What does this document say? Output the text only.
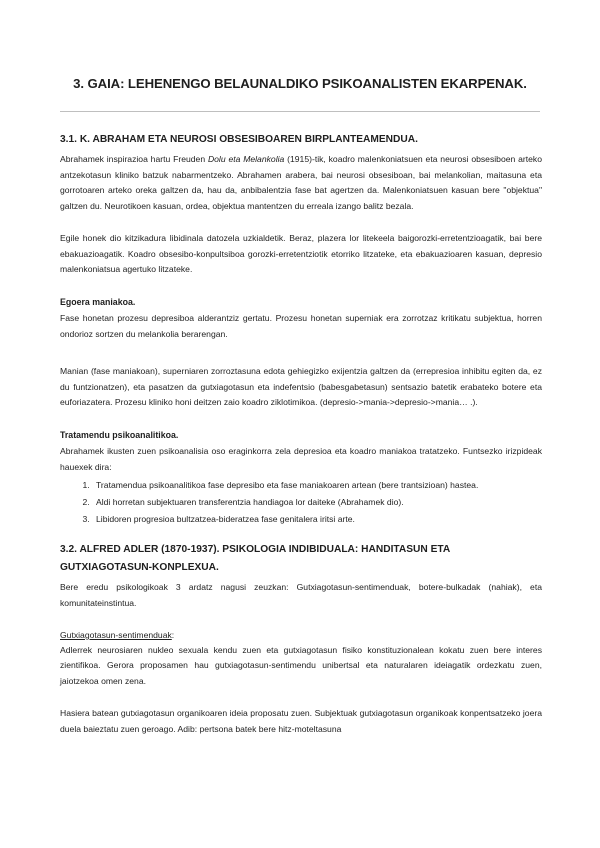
3. GAIA: LEHENENGO BELAUNALDIKO PSIKOANALISTEN EKARPENAK.
3.1. K. ABRAHAM ETA NEUROSI OBSESIBOAREN BIRPLANTEAMENDUA.

Abrahamek inspirazioa hartu Freuden Dolu eta Melankolia (1915)-tik, koadro malenkoniatsuen eta neurosi obsesiboen arteko antzekotasun kliniko batzuk nabarmentzeko. Abrahamen arabera, bai neurosi obsesiboan, bai melankolian, maitasuna eta gorrotoaren arteko oreka galtzen da, hau da, anbibalentzia fase bat agertzen da. Malenkoniatsuen kasuan bere "objektua" galtzen du. Neurotikoen kasuan, ordea, objektua mantentzen du erreala izango balitz bezala.

Egile honek dio kitzikadura libidinala datozela uzkialdetik. Beraz, plazera lor litekeela baigorozki-erretentzioagatik, bai bere ebakuazioagatik. Koadro obsesibo-konpultsiboa gorozki-erretentziotik etorriko litzateke, eta ebakuazioaren kasuan, depresio malenkoniatsua agertuko litzateke.

Egoera maniakoa.

Fase honetan prozesu depresiboa alderantziz gertatu. Prozesu honetan superniak era zorrotzaz kritikatu subjektua, horren ondorioz sortzen du melankolia berarengan.

Manian (fase maniakoan), superniaren zorroztasuna edota gehiegizko exijentzia galtzen da (errepresioa inhibitu egiten da, ez du funtzionatzen), eta pasatzen da gutxiagotasun eta indefentsio (babesgabetasun) sentsazio batetik erabateko botere eta euforiazatera. Prozesu kliniko honi deitzen zaio koadro ziklotimikoa. (depresio->mania->depresio->mania… .).

Tratamendu psikoanalitikoa.

Abrahamek ikusten zuen psikoanalisia oso eraginkorra zela depresioa eta koadro maniakoa tratatzeko. Funtsezko irizpideak hauexek dira:

1. Tratamendua psikoanalitikoa fase depresibo eta fase maniakoaren artean (bere trantsizioan) hastea.
2. Aldi horretan subjektuaren transferentzia handiagoa lor daiteke (Abrahamek dio).
3. Libidoren progresioa bultzatzea-bideratzea fase genitalera iritsi arte.
3.2. ALFRED ADLER (1870-1937). PSIKOLOGIA INDIBIDUALA: HANDITASUN ETA GUTXIAGOTASUN-KONPLEXUA.

Bere eredu psikologikoak 3 ardatz nagusi zeuzkan: Gutxiagotasun-sentimenduak, botere-bulkadak (nahiak), eta komunitateinstintua.

Gutxiagotasun-sentimenduak:

Adlerrek neurosiaren nukleo sexuala kendu zuen eta gutxiagotasun fisiko konstituzionalean kokatu zuen bere interes zientifikoa. Gerora proposamen hau gutxiagotasun-sentimendu unibertsal eta naturalaren ideiagatik ordezkatu zuen, jaiotzekoa omen zena.

Hasiera batean gutxiagotasun organikoaren ideia proposatu zuen. Subjektuak gutxiagotasun organikoak konpentsatzeko joera duela baieztatu zuen geroago. Adib: pertsona batek bere hitz-moteltasuna
